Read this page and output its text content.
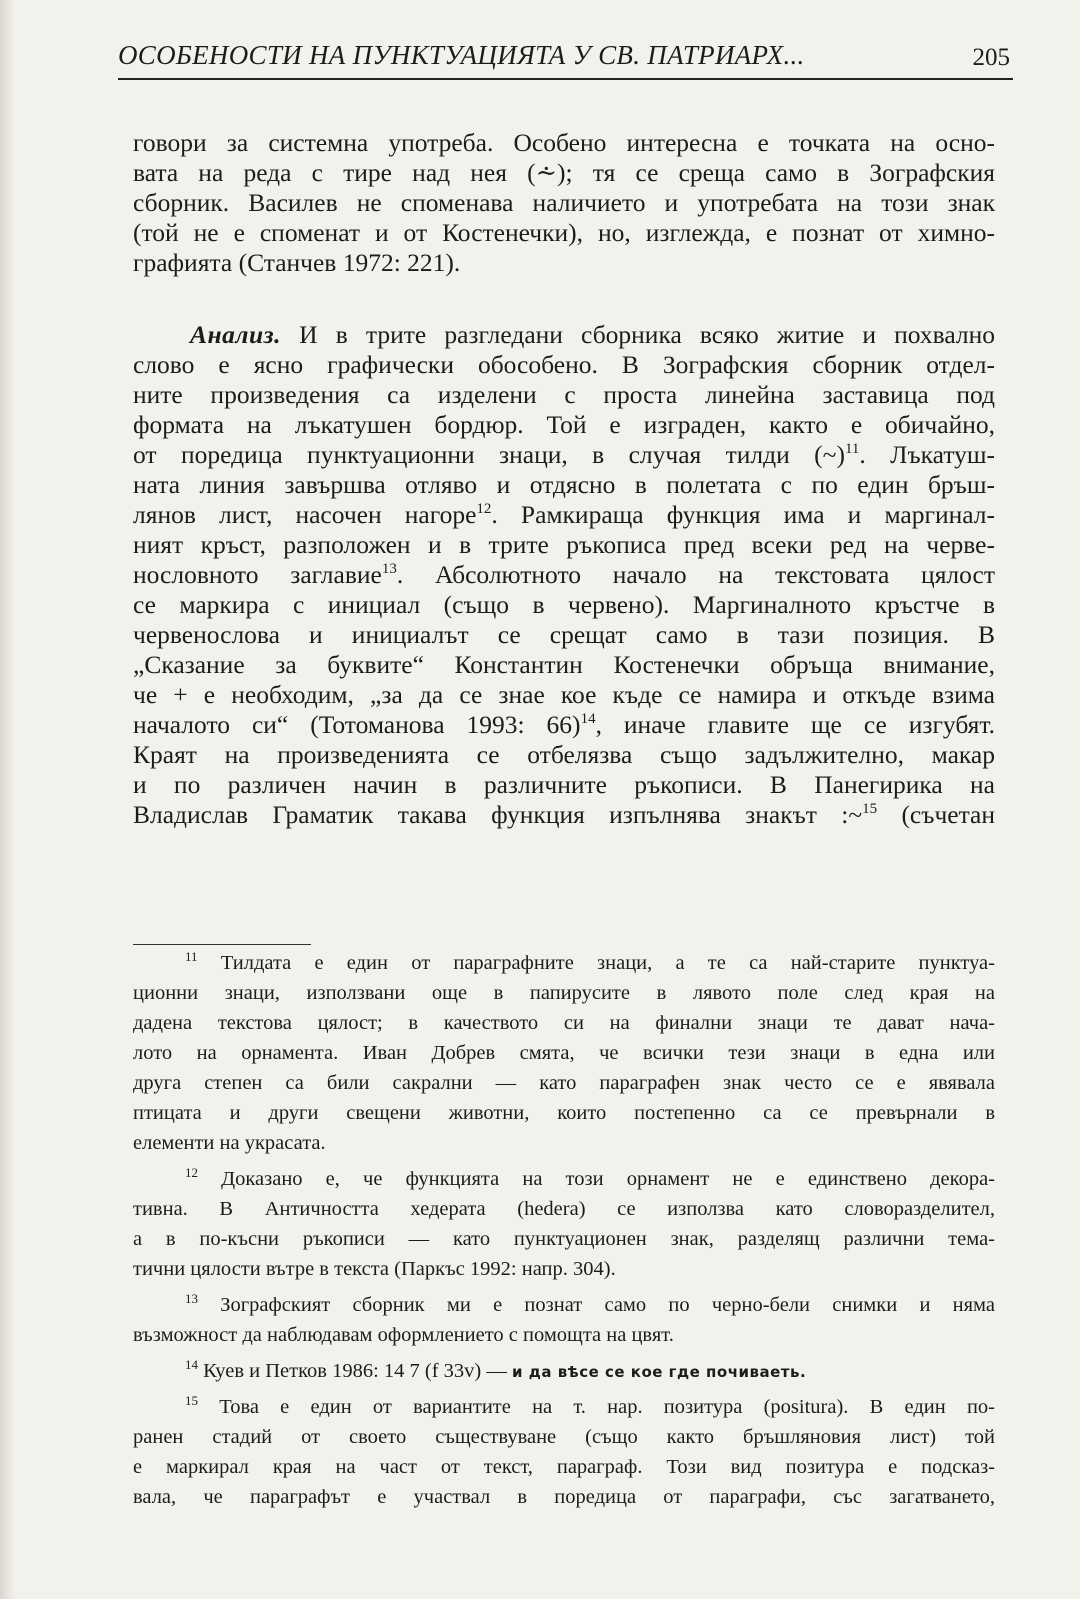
ОСОБЕНОСТИ НА ПУНКТУАЦИЯТА У СВ. ПАТРИАРХ...	205
говори за системна употреба. Особено интересна е точката на осно-
вата на реда с тире над нея (⩪); тя се среща само в Зографския
сборник. Василев не споменава наличието и употребата на този знак
(той не е споменат и от Костенечки), но, изглежда, е познат от химно-
графията (Станчев 1972: 221).
Анализ. И в трите разгледани сборника всяко житие и похвално
слово е ясно графически обособено. В Зографския сборник отдел-
ните произведения са изделени с проста линейна заставица под
формата на лъкатушен бордюр. Той е изграден, както е обичайно,
от поредица пунктуационни знаци, в случая тилди (~)$^{11}$. Лъкатуш-
ната линия завършва отляво и отдясно в полетата с по един бръш-
лянов лист, насочен нагоре$^{12}$. Рамкираща функция има и маргинал-
ният кръст, разположен и в трите ръкописа пред всеки ред на черве-
нословното заглавие$^{13}$. Абсолютното начало на текстовата цялост
се маркира с инициал (също в червено). Маргиналното кръстче в
червенослова и инициалът се срещат само в тази позиция. В
„Сказание за буквите“ Константин Костенечки обръща внимание,
че + е необходим, „за да се знае кое къде се намира и откъде взима
началото си“ (Тотоманова 1993: 66)$^{14}$, иначе главите ще се изгубят.
Краят на произведенията се отбелязва също задължително, макар
и по различен начин в различните ръкописи. В Панегирика на
Владислав Граматик такава функция изпълнява знакът :~$^{15}$ (съчетан
$^{11}$ Тилдата е един от параграфните знаци, а те са най-старите пунктуа-
ционни знаци, използвани още в папирусите в лявото поле след края на
дадена текстова цялост; в качеството си на финални знаци те дават нача-
лото на орнамента. Иван Добрев смята, че всички тези знаци в една или
друга степен са били сакрални — като параграфен знак често се е явявала
птицата и други свещени животни, които постепенно са се превърнали в
елементи на украсата.
$^{12}$ Доказано е, че функцията на този орнамент не е единствено декора-
тивна. В Античността хедерата (hedera) се използва като словоразделител,
а в по-късни ръкописи — като пунктуационен знак, разделящ различни тема-
тични цялости вътре в текста (Паркъс 1992: напр. 304).
$^{13}$ Зографският сборник ми е познат само по черно-бели снимки и няма
възможност да наблюдавам оформлението с помощта на цвят.
$^{14}$ Куев и Петков 1986: 14 7 (f 33v) — и да вѣсе се кое где почиваеть.
$^{15}$ Това е един от вариантите на т. нар. позитура (positura). В един по-
ранен стадий от своето съществуване (също както бръшляновия лист) той
е маркирал края на част от текст, параграф. Този вид позитура е подсказ-
вала, че параграфът е участвал в поредица от параграфи, със загатването,
